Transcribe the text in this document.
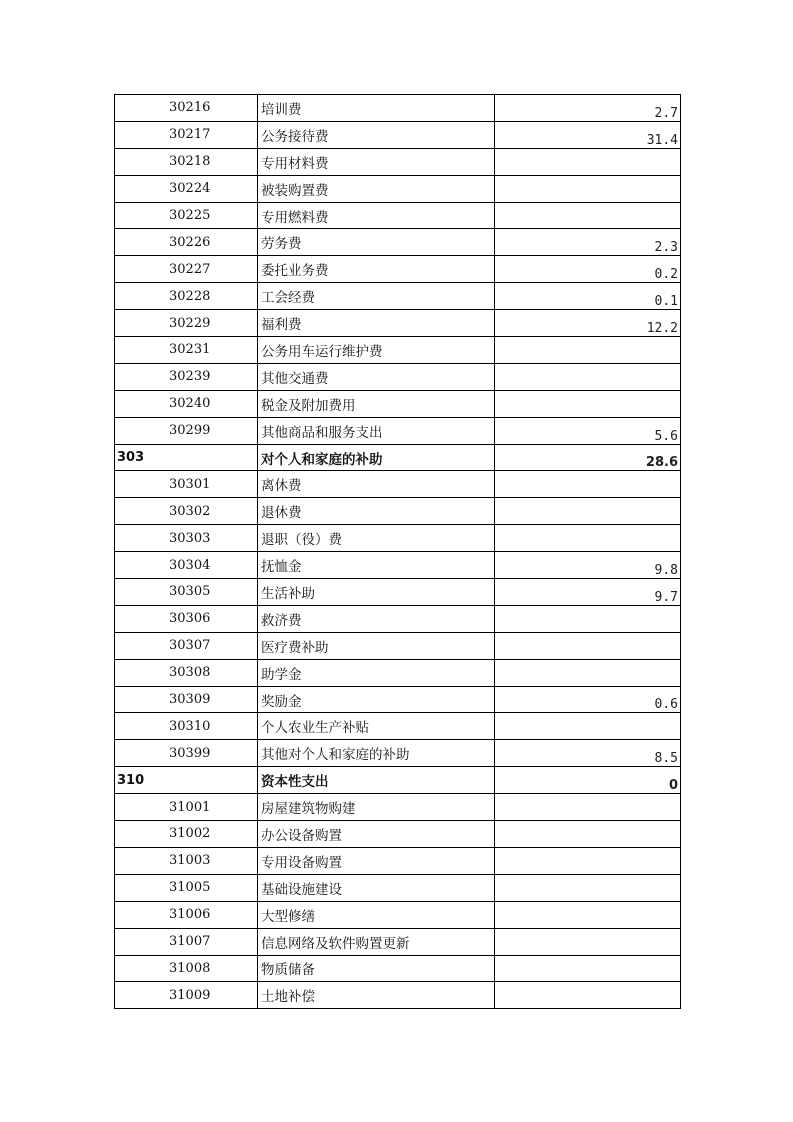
30216	培训费	2.7
30217	公务接待费	31.4
30218	专用材料费	
30224	被装购置费	
30225	专用燃料费	
30226	劳务费	2.3
30227	委托业务费	0.2
30228	工会经费	0.1
30229	福利费	12.2
30231	公务用车运行维护费	
30239	其他交通费	
30240	税金及附加费用	
30299	其他商品和服务支出	5.6
303	对个人和家庭的补助	28.6
30301	离休费	
30302	退休费	
30303	退职（役）费	
30304	抚恤金	9.8
30305	生活补助	9.7
30306	救济费	
30307	医疗费补助	
30308	助学金	
30309	奖励金	0.6
30310	个人农业生产补贴	
30399	其他对个人和家庭的补助	8.5
310	资本性支出	0
31001	房屋建筑物购建	
31002	办公设备购置	
31003	专用设备购置	
31005	基础设施建设	
31006	大型修缮	
31007	信息网络及软件购置更新	
31008	物质储备	
31009	土地补偿	
